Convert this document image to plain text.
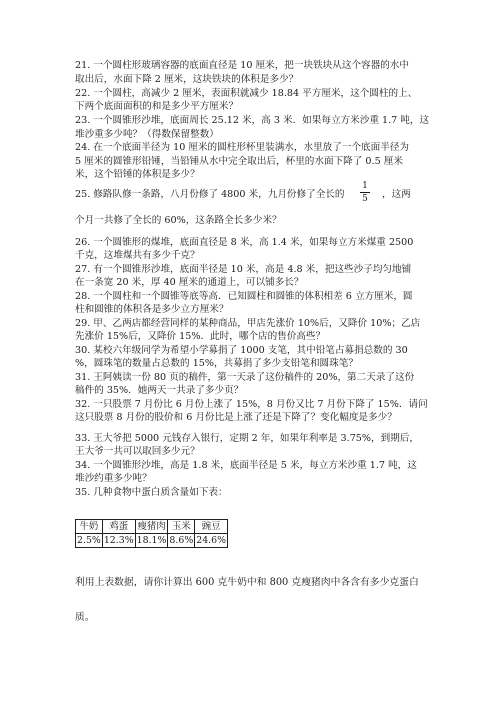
21. 一个圆柱形玻璃容器的底面直径是 10 厘米，把一块铁块从这个容器的水中
取出后，水面下降 2 厘米，这块铁块的体积是多少？
22. 一个圆柱，高减少 2 厘米，表面积就减少 18.84 平方厘米，这个圆柱的上、
下两个底面面积的和是多少平方厘米？
23. 一个圆锥形沙堆，底面周长 25.12 米，高 3 米．如果每立方米沙重 1.7 吨，这
堆沙重多少吨？（得数保留整数）
24. 在一个底面半径为 10 厘米的圆柱形杯里装满水，水里放了一个底面半径为
5 厘米的圆锥形铅锤，当铅锤从水中完全取出后，杯里的水面下降了 0.5 厘米
米，这个铅锤的体积是多少？
25. 修路队修一条路，八月份修了 4800 米，九月份修了全长的
1
5 ，这两
个月一共修了全长的 60%，这条路全长多少米？
26. 一个圆锥形的煤堆，底面直径是 8 米，高 1.4 米，如果每立方米煤重 2500
千克，这堆煤共有多少千克？
27. 有一个圆锥形沙堆，底面半径是 10 米，高是 4.8 米，把这些沙子均匀地铺
在一条宽 20 米，厚 40 厘米的通道上，可以铺多长？
28. 一个圆柱和一个圆锥等底等高．已知圆柱和圆锥的体积相差 6 立方厘米，圆
柱和圆锥的体积各是多少立方厘米？
29. 甲、乙两店都经营同样的某种商品，甲店先涨价 10%后，又降价 10%；乙店
先涨价 15%后，又降价 15%．此时，哪个店的售价高些？
30. 某校六年级同学为希望小学募捐了 1000 支笔，其中铅笔占募捐总数的 30
%，圆珠笔的数量占总数的 15%，共募捐了多少支铅笔和圆珠笔？
31. 王阿姨读一份 80 页的稿件，第一天录了这份稿件的 20%，第二天录了这份
稿件的 35%．她两天一共录了多少页？
32. 一只股票 7 月份比 6 月份上涨了 15%，8 月份又比 7 月份下降了 15%．请问
这只股票 8 月份的股价和 6 月份比是上涨了还是下降了？变化幅度是多少？
33. 王大爷把 5000 元钱存入银行，定期 2 年，如果年利率是 3.75%，到期后，
王大爷一共可以取回多少元？
34. 一个圆锥形沙堆，高是 1.8 米，底面半径是 5 米，每立方米沙重 1.7 吨，这
堆沙约重多少吨？
35. 几种食物中蛋白质含量如下表：
牛奶	鸡蛋	瘦猪肉	玉米	豌豆
2.5%	12.3%	18.1%	8.6%	24.6%
利用上表数据，请你计算出 600 克牛奶中和 800 克瘦猪肉中各含有多少克蛋白
质。
